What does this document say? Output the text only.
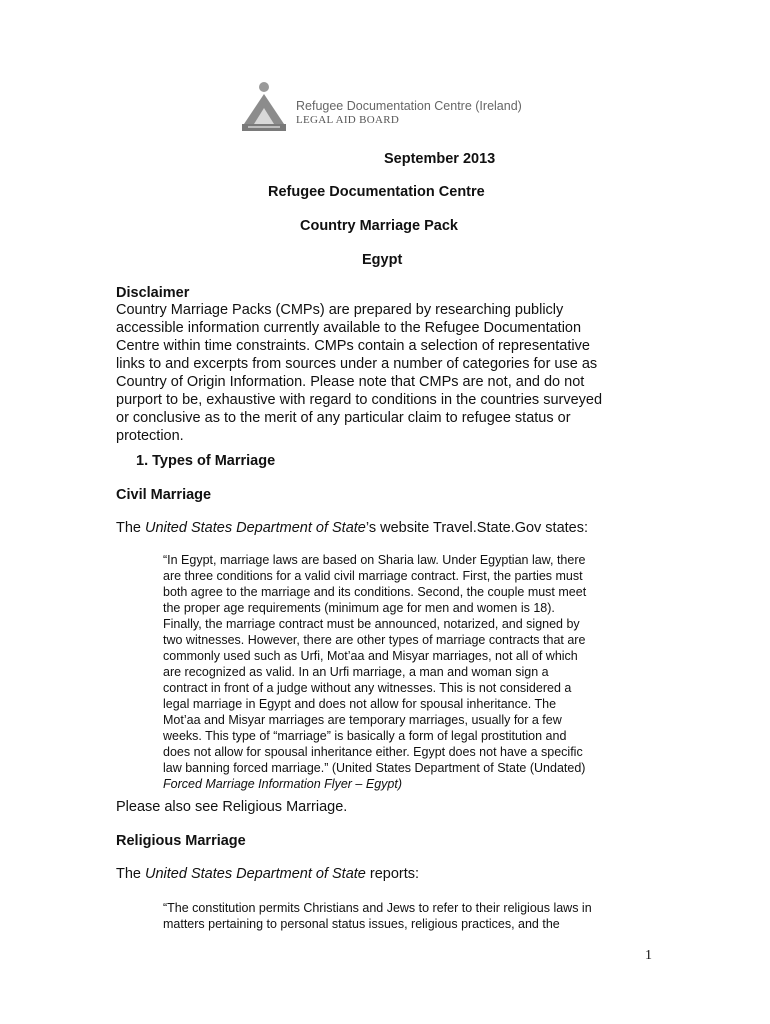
Refugee Documentation Centre (Ireland)
LEGAL AID BOARD
September 2013
Refugee Documentation Centre
Country Marriage Pack
Egypt
Disclaimer
Country Marriage Packs (CMPs) are prepared by researching publicly
accessible information currently available to the Refugee Documentation
Centre within time constraints. CMPs contain a selection of representative
links to and excerpts from sources under a number of categories for use as
Country of Origin Information. Please note that CMPs are not, and do not
purport to be, exhaustive with regard to conditions in the countries surveyed
or conclusive as to the merit of any particular claim to refugee status or
protection.
1. Types of Marriage
Civil Marriage
The United States Department of State’s website Travel.State.Gov states:
“In Egypt, marriage laws are based on Sharia law. Under Egyptian law, there
are three conditions for a valid civil marriage contract. First, the parties must
both agree to the marriage and its conditions. Second, the couple must meet
the proper age requirements (minimum age for men and women is 18).
Finally, the marriage contract must be announced, notarized, and signed by
two witnesses. However, there are other types of marriage contracts that are
commonly used such as Urfi, Mot’aa and Misyar marriages, not all of which
are recognized as valid. In an Urfi marriage, a man and woman sign a
contract in front of a judge without any witnesses. This is not considered a
legal marriage in Egypt and does not allow for spousal inheritance. The
Mot’aa and Misyar marriages are temporary marriages, usually for a few
weeks. This type of “marriage” is basically a form of legal prostitution and
does not allow for spousal inheritance either. Egypt does not have a specific
law banning forced marriage.” (United States Department of State (Undated)
Forced Marriage Information Flyer – Egypt)
Please also see Religious Marriage.
Religious Marriage
The United States Department of State reports:
“The constitution permits Christians and Jews to refer to their religious laws in
matters pertaining to personal status issues, religious practices, and the
1
